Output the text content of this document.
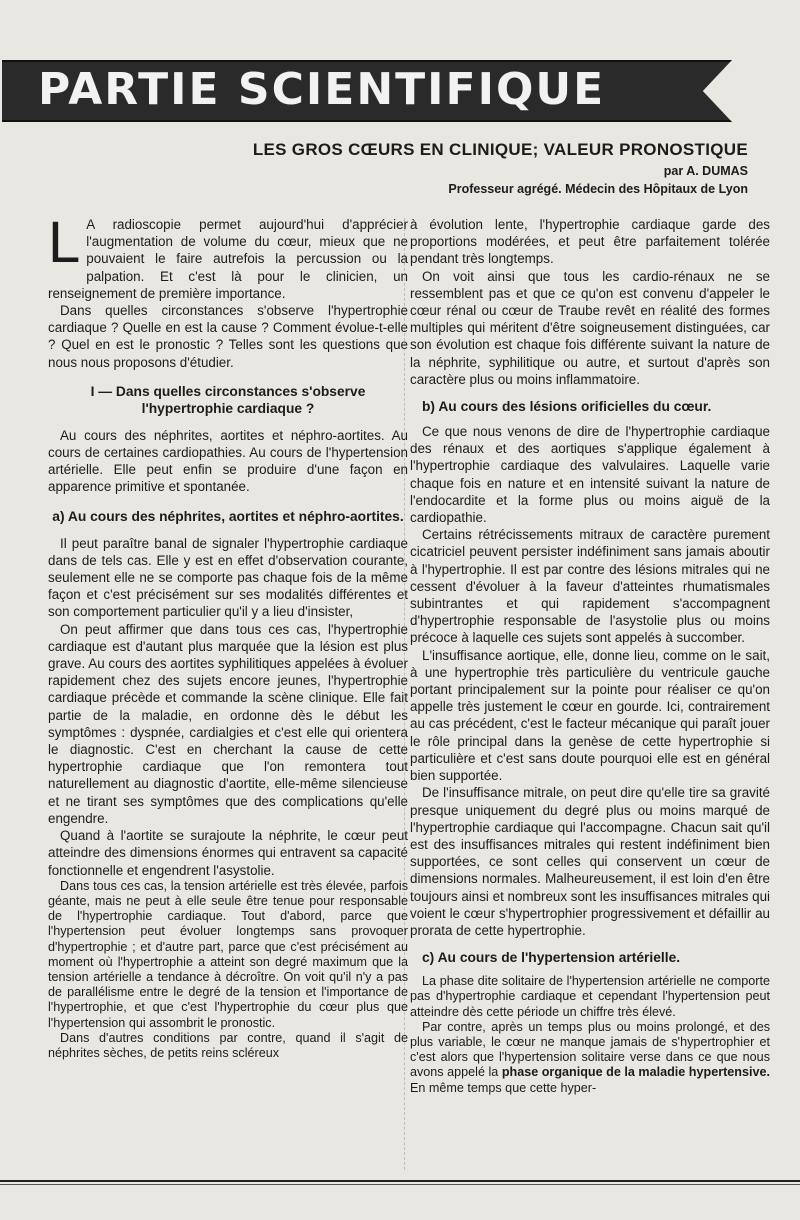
PARTIE SCIENTIFIQUE

LES GROS CŒURS EN CLINIQUE; VALEUR PRONOSTIQUE

par A. DUMAS
Professeur agrégé. Médecin des Hôpitaux de Lyon

L A radioscopie permet aujourd'hui d'apprécier l'augmentation de volume du cœur, mieux que ne pouvaient le faire autrefois la percussion ou la palpation. Et c'est là pour le clinicien, un renseignement de première importance.

Dans quelles circonstances s'observe l'hypertrophie cardiaque ? Quelle en est la cause ? Comment évolue-t-elle ? Quel en est le pronostic ? Telles sont les questions que nous nous proposons d'étudier.

I — Dans quelles circonstances s'observe l'hypertrophie cardiaque ?

Au cours des néphrites, aortites et néphro-aortites. Au cours de certaines cardiopathies. Au cours de l'hypertension artérielle. Elle peut enfin se produire d'une façon en apparence primitive et spontanée.

a) Au cours des néphrites, aortites et néphro-aortites.

Il peut paraître banal de signaler l'hypertrophie cardiaque dans de tels cas. Elle y est en effet d'observation courante, seulement elle ne se comporte pas chaque fois de la même façon et c'est précisément sur ses modalités différentes et son comportement particulier qu'il y a lieu d'insister,

On peut affirmer que dans tous ces cas, l'hypertrophie cardiaque est d'autant plus marquée que la lésion est plus grave. Au cours des aortites syphilitiques appelées à évoluer rapidement chez des sujets encore jeunes, l'hypertrophie cardiaque précède et commande la scène clinique. Elle fait partie de la maladie, en ordonne dès le début les symptômes : dyspnée, cardialgies et c'est elle qui orientera le diagnostic. C'est en cherchant la cause de cette hypertrophie cardiaque que l'on remontera tout naturellement au diagnostic d'aortite, elle-même silencieuse et ne tirant ses symptômes que des complications qu'elle engendre.

Quand à l'aortite se surajoute la néphrite, le cœur peut atteindre des dimensions énormes qui entravent sa capacité fonctionnelle et engendrent l'asystolie.

Dans tous ces cas, la tension artérielle est très élevée, parfois géante, mais ne peut à elle seule être tenue pour responsable de l'hypertrophie cardiaque. Tout d'abord, parce que l'hypertension peut évoluer longtemps sans provoquer d'hypertrophie ; et d'autre part, parce que c'est précisément au moment où l'hypertrophie a atteint son degré maximum que la tension artérielle a tendance à décroître. On voit qu'il n'y a pas de parallélisme entre le degré de la tension et l'importance de l'hypertrophie, et que c'est l'hypertrophie du cœur plus que l'hypertension qui assombrit le pronostic.

Dans d'autres conditions par contre, quand il s'agit de néphrites sèches, de petits reins scléreux

à évolution lente, l'hypertrophie cardiaque garde des proportions modérées, et peut être parfaitement tolérée pendant très longtemps.

On voit ainsi que tous les cardio-rénaux ne se ressemblent pas et que ce qu'on est convenu d'appeler le cœur rénal ou cœur de Traube revêt en réalité des formes multiples qui méritent d'être soigneusement distinguées, car son évolution est chaque fois différente suivant la nature de la néphrite, syphilitique ou autre, et surtout d'après son caractère plus ou moins inflammatoire.

b) Au cours des lésions orificielles du cœur.

Ce que nous venons de dire de l'hypertrophie cardiaque des rénaux et des aortiques s'applique également à l'hypertrophie cardiaque des valvulaires. Laquelle varie chaque fois en nature et en intensité suivant la nature de l'endocardite et la forme plus ou moins aiguë de la cardiopathie.

Certains rétrécissements mitraux de caractère purement cicatriciel peuvent persister indéfiniment sans jamais aboutir à l'hypertrophie. Il est par contre des lésions mitrales qui ne cessent d'évoluer à la faveur d'atteintes rhumatismales subintrantes et qui rapidement s'accompagnent d'hypertrophie responsable de l'asystolie plus ou moins précoce à laquelle ces sujets sont appelés à succomber.

L'insuffisance aortique, elle, donne lieu, comme on le sait, à une hypertrophie très particulière du ventricule gauche portant principalement sur la pointe pour réaliser ce qu'on appelle très justement le cœur en gourde. Ici, contrairement au cas précédent, c'est le facteur mécanique qui paraît jouer le rôle principal dans la genèse de cette hypertrophie si particulière et c'est sans doute pourquoi elle est en général bien supportée.

De l'insuffisance mitrale, on peut dire qu'elle tire sa gravité presque uniquement du degré plus ou moins marqué de l'hypertrophie cardiaque qui l'accompagne. Chacun sait qu'il est des insuffisances mitrales qui restent indéfiniment bien supportées, ce sont celles qui conservent un cœur de dimensions normales. Malheureusement, il est loin d'en être toujours ainsi et nombreux sont les insuffisances mitrales qui voient le cœur s'hypertrophier progressivement et défaillir au prorata de cette hypertrophie.

c) Au cours de l'hypertension artérielle.

La phase dite solitaire de l'hypertension artérielle ne comporte pas d'hypertrophie cardiaque et cependant l'hypertension peut atteindre dès cette période un chiffre très élevé.

Par contre, après un temps plus ou moins prolongé, et des plus variable, le cœur ne manque jamais de s'hypertrophier et c'est alors que l'hypertension solitaire verse dans ce que nous avons appelé la phase organique de la maladie hypertensive. En même temps que cette hyper-
